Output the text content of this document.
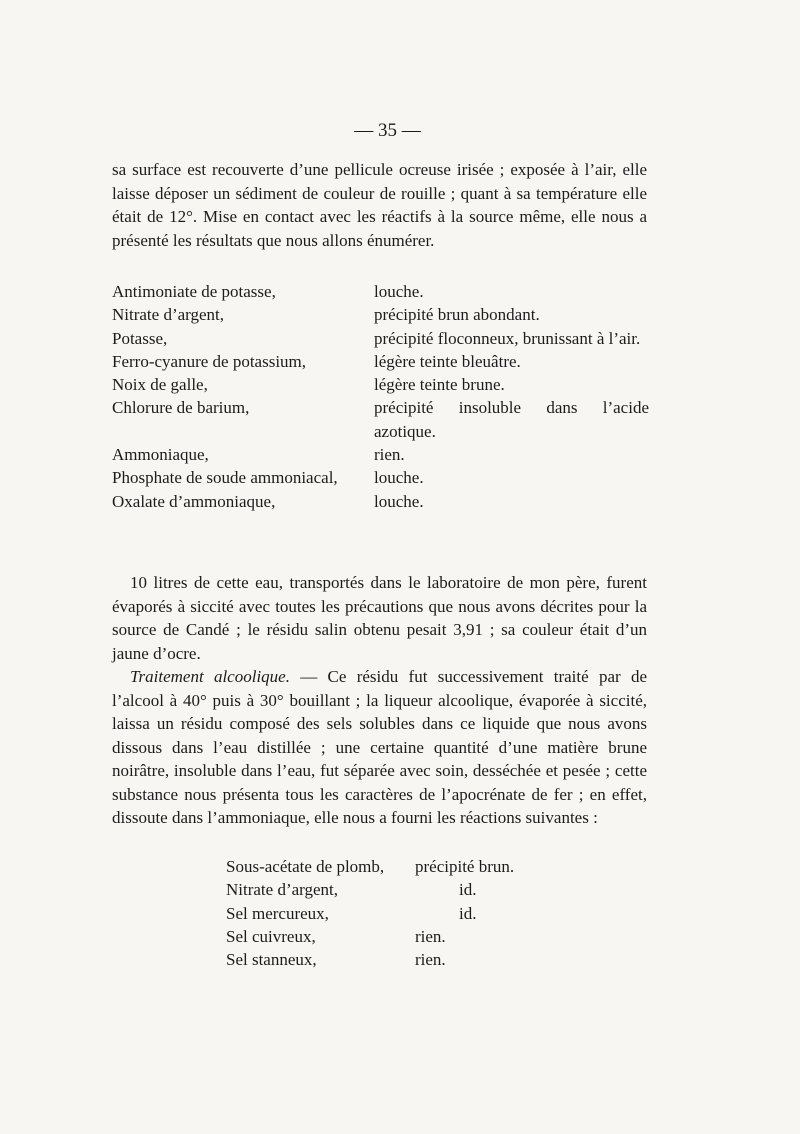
— 35 —

sa surface est recouverte d’une pellicule ocreuse irisée ; exposée à l’air, elle laisse déposer un sédiment de couleur de rouille ; quant à sa température elle était de 12°. Mise en contact avec les réactifs à la source même, elle nous a présenté les résultats que nous allons énumérer.

Antimoniate de potasse,	louche.
Nitrate d’argent,	précipité brun abondant.
Potasse,	précipité floconneux, brunissant à l’air.
Ferro-cyanure de potassium,	légère teinte bleuâtre.
Noix de galle,	légère teinte brune.
Chlorure de barium,	précipité insoluble dans l’acide azotique.
Ammoniaque,	rien.
Phosphate de soude ammoniacal,	louche.
Oxalate d’ammoniaque,	louche.

10 litres de cette eau, transportés dans le laboratoire de mon père, furent évaporés à siccité avec toutes les précautions que nous avons décrites pour la source de Candé ; le résidu salin obtenu pesait 3,91 ; sa couleur était d’un jaune d’ocre.

Traitement alcoolique. — Ce résidu fut successivement traité par de l’alcool à 40° puis à 30° bouillant ; la liqueur alcoolique, évaporée à siccité, laissa un résidu composé des sels solubles dans ce liquide que nous avons dissous dans l’eau distillée ; une certaine quantité d’une matière brune noirâtre, insoluble dans l’eau, fut séparée avec soin, desséchée et pesée ; cette substance nous présenta tous les caractères de l’apocrénate de fer ; en effet, dissoute dans l’ammoniaque, elle nous a fourni les réactions suivantes :

Sous-acétate de plomb,	précipité brun.
Nitrate d’argent,	id.
Sel mercureux,	id.
Sel cuivreux,	rien.
Sel stanneux,	rien.
